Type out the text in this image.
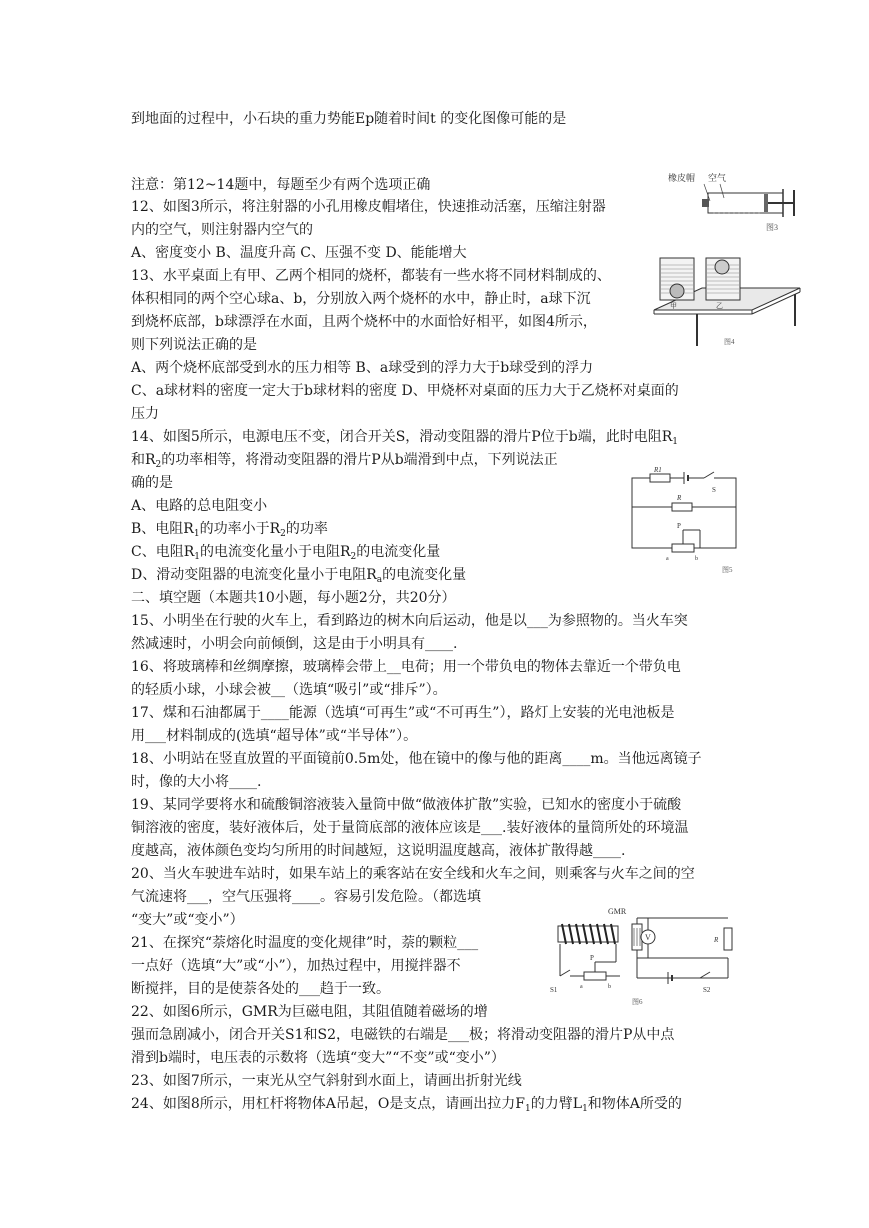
到地面的过程中，小石块的重力势能Ep随着时间t 的变化图像可能的是
注意：第12~14题中，每题至少有两个选项正确
12、如图3所示，将注射器的小孔用橡皮帽堵住，快速推动活塞，压缩注射器
内的空气，则注射器内空气的
A、密度变小 B、温度升高 C、压强不变 D、能能增大
13、水平桌面上有甲、乙两个相同的烧杯，都装有一些水将不同材料制成的、
体积相同的两个空心球a、b，分别放入两个烧杯的水中，静止时，a球下沉
到烧杯底部，b球漂浮在水面，且两个烧杯中的水面恰好相平，如图4所示，
则下列说法正确的是
A、两个烧杯底部受到水的压力相等 B、a球受到的浮力大于b球受到的浮力
C、a球材料的密度一定大于b球材料的密度 D、甲烧杯对桌面的压力大于乙烧杯对桌面的
压力
14、如图5所示，电源电压不变，闭合开关S，滑动变阻器的滑片P位于b端，此时电阻$R_1$
和$R_2$的功率相等，将滑动变阻器的滑片P从b端滑到中点，下列说法正
确的是
A、电路的总电阻变小
B、电阻$R_1$的功率小于$R_2$的功率
C、电阻$R_1$的电流变化量小于电阻$R_2$的电流变化量
D、滑动变阻器的电流变化量小于电阻$R_a$的电流变化量
二、填空题（本题共10小题，每小题2分，共20分）
15、小明坐在行驶的火车上，看到路边的树木向后运动，他是以___为参照物的。当火车突
然减速时，小明会向前倾倒，这是由于小明具有____.
16、将玻璃棒和丝绸摩擦，玻璃棒会带上__电荷；用一个带负电的物体去靠近一个带负电
的轻质小球，小球会被__（选填“吸引”或“排斥”）。
17、煤和石油都属于____能源（选填“可再生”或“不可再生”），路灯上安装的光电池板是
用___材料制成的(选填“超导体”或“半导体”）。
18、小明站在竖直放置的平面镜前0.5m处，他在镜中的像与他的距离____m。当他远离镜子
时，像的大小将____.
19、某同学要将水和硫酸铜溶液装入量筒中做“做液体扩散”实验，已知水的密度小于硫酸
铜溶液的密度，装好液体后，处于量筒底部的液体应该是___.装好液体的量筒所处的环境温
度越高，液体颜色变均匀所用的时间越短，这说明温度越高，液体扩散得越____.
20、当火车驶进车站时，如果车站上的乘客站在安全线和火车之间，则乘客与火车之间的空
气流速将___，空气压强将____。容易引发危险。（都选填
“变大”或“变小”）
21、在探究“萘熔化时温度的变化规律”时，萘的颗粒___
一点好（选填“大”或“小”），加热过程中，用搅拌器不
断搅拌，目的是使萘各处的___趋于一致。
22、如图6所示，GMR为巨磁电阻，其阻值随着磁场的增
强而急剧减小，闭合开关S1和S2，电磁铁的右端是___极；将滑动变阻器的滑片P从中点
滑到b端时，电压表的示数将（选填“变大”“不变”或“变小”）
23、如图7所示，一束光从空气斜射到水面上，请画出折射光线
24、如图8所示，用杠杆将物体A吊起，O是支点，请画出拉力$F_1$的力臂$L_1$和物体A所受的
橡皮帽 空气
图3
甲	乙
图4
R1
S
R
P
a	b
图5
GMR
V	R
S2
S1
P
a	b
图6
